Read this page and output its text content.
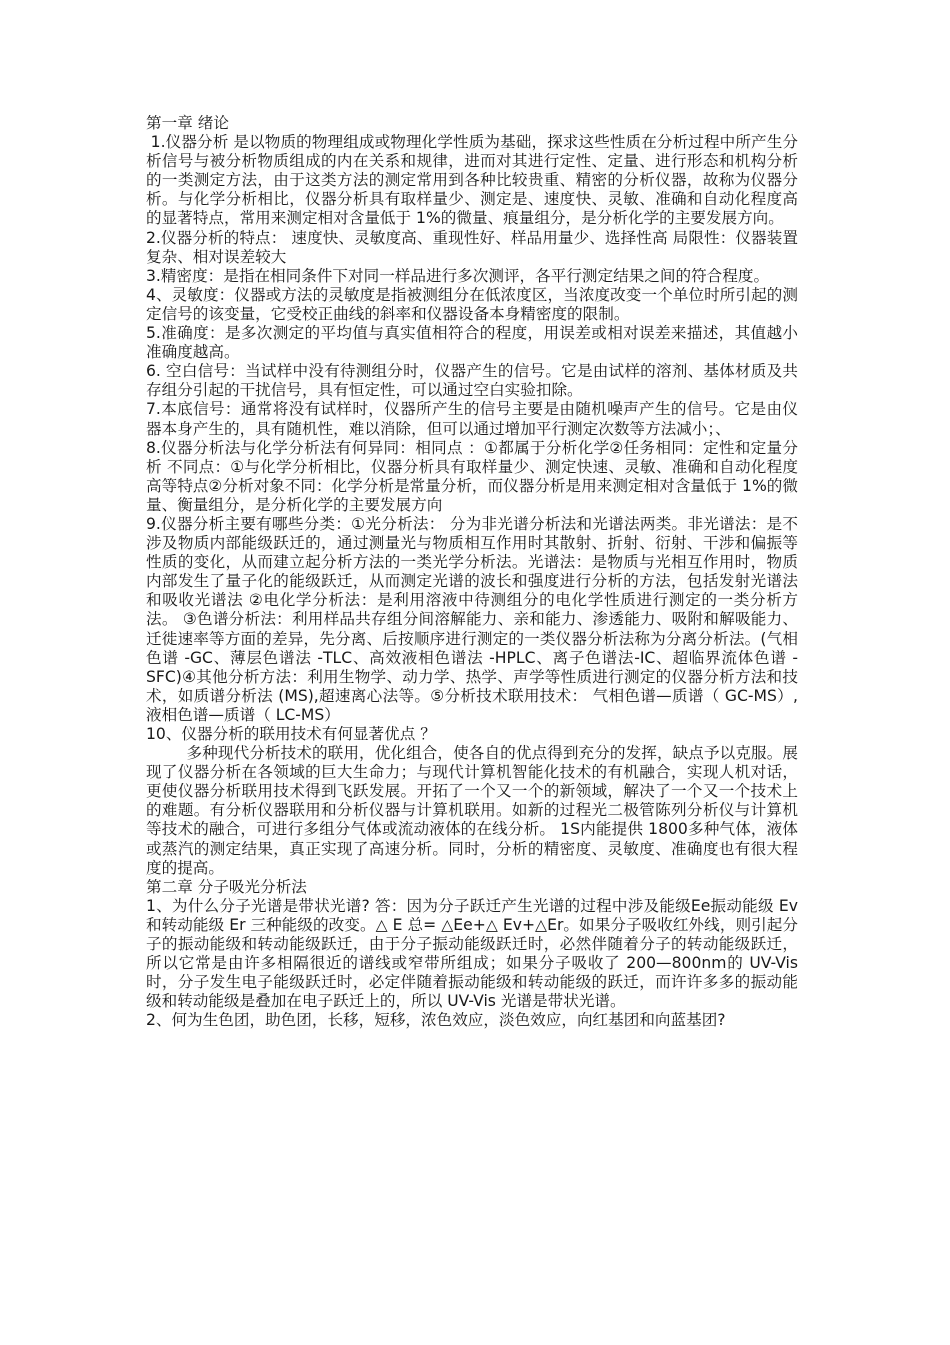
第一章 绪论

1.仪器分析 是以物质的物理组成或物理化学性质为基础，探求这些性质在分析过程中所产生分析信号与被分析物质组成的内在关系和规律，进而对其进行定性、定量、进行形态和机构分析的一类测定方法，由于这类方法的测定常用到各种比较贵重、精密的分析仪器，故称为仪器分析。与化学分析相比，仪器分析具有取样量少、测定是、速度快、灵敏、准确和自动化程度高的显著特点，常用来测定相对含量低于 1%的微量、痕量组分，是分析化学的主要发展方向。

2.仪器分析的特点： 速度快、灵敏度高、重现性好、样品用量少、选择性高 局限性：仪器装置复杂、相对误差较大

3.精密度：是指在相同条件下对同一样品进行多次测评，各平行测定结果之间的符合程度。

4、灵敏度：仪器或方法的灵敏度是指被测组分在低浓度区，当浓度改变一个单位时所引起的测定信号的该变量，它受校正曲线的斜率和仪器设备本身精密度的限制。

5.准确度：是多次测定的平均值与真实值相符合的程度，用误差或相对误差来描述，其值越小准确度越高。

6. 空白信号：当试样中没有待测组分时，仪器产生的信号。它是由试样的溶剂、基体材质及共存组分引起的干扰信号，具有恒定性，可以通过空白实验扣除。

7.本底信号：通常将没有试样时，仪器所产生的信号主要是由随机噪声产生的信号。它是由仪器本身产生的，具有随机性，难以消除，但可以通过增加平行测定次数等方法减小；、

8.仪器分析法与化学分析法有何异同：相同点 ：①都属于分析化学②任务相同：定性和定量分析 不同点：①与化学分析相比，仪器分析具有取样量少、测定快速、灵敏、准确和自动化程度高等特点②分析对象不同：化学分析是常量分析，而仪器分析是用来测定相对含量低于 1%的微量、衡量组分，是分析化学的主要发展方向

9.仪器分析主要有哪些分类：①光分析法： 分为非光谱分析法和光谱法两类。非光谱法：是不涉及物质内部能级跃迁的，通过测量光与物质相互作用时其散射、折射、衍射、干涉和偏振等性质的变化，从而建立起分析方法的一类光学分析法。光谱法：是物质与光相互作用时，物质内部发生了量子化的能级跃迁，从而测定光谱的波长和强度进行分析的方法，包括发射光谱法和吸收光谱法 ②电化学分析法：是利用溶液中待测组分的电化学性质进行测定的一类分析方法。 ③色谱分析法：利用样品共存组分间溶解能力、亲和能力、渗透能力、吸附和解吸能力、迁徙速率等方面的差异，先分离、后按顺序进行测定的一类仪器分析法称为分离分析法。(气相色谱 -GC、薄层色谱法 -TLC、高效液相色谱法 -HPLC、离子色谱法-IC、超临界流体色谱 -SFC)④其他分析方法：利用生物学、动力学、热学、声学等性质进行测定的仪器分析方法和技术，如质谱分析法 (MS),超速离心法等。⑤分析技术联用技术： 气相色谱—质谱（ GC-MS）,液相色谱—质谱（ LC-MS）

10、仪器分析的联用技术有何显著优点 ？

多种现代分析技术的联用，优化组合，使各自的优点得到充分的发挥，缺点予以克服。展现了仪器分析在各领域的巨大生命力；与现代计算机智能化技术的有机融合，实现人机对话，更使仪器分析联用技术得到飞跃发展。开拓了一个又一个的新领域，解决了一个又一个技术上的难题。有分析仪器联用和分析仪器与计算机联用。如新的过程光二极管陈列分析仪与计算机等技术的融合，可进行多组分气体或流动液体的在线分析。 1S内能提供 1800多种气体，液体或蒸汽的测定结果，真正实现了高速分析。同时，分析的精密度、灵敏度、准确度也有很大程度的提高。

第二章 分子吸光分析法

1、为什么分子光谱是带状光谱? 答：因为分子跃迁产生光谱的过程中涉及能级Ee振动能级 Ev 和转动能级 Er 三种能级的改变。△ E 总= △Ee+△ Ev+△Er。如果分子吸收红外线，则引起分子的振动能级和转动能级跃迁，由于分子振动能级跃迁时，必然伴随着分子的转动能级跃迁，所以它常是由许多相隔很近的谱线或窄带所组成；如果分子吸收了 200—800nm的 UV-Vis 时，分子发生电子能级跃迁时，必定伴随着振动能级和转动能级的跃迁，而许许多多的振动能级和转动能级是叠加在电子跃迁上的，所以 UV-Vis 光谱是带状光谱。

2、何为生色团，助色团，长移，短移，浓色效应，淡色效应，向红基团和向蓝基团?
